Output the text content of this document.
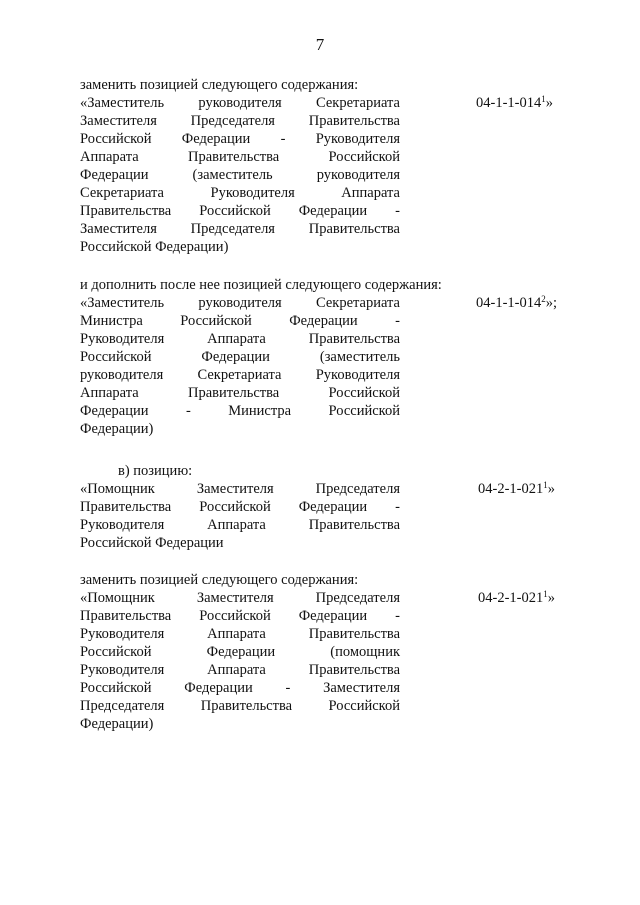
7
заменить позицией следующего содержания:
«Заместитель руководителя Секретариата
Заместителя Председателя Правительства
Российской Федерации - Руководителя
Аппарата Правительства Российской
Федерации (заместитель руководителя
Секретариата Руководителя Аппарата
Правительства Российской Федерации -
Заместителя Председателя Правительства
Российской Федерации)
$04-1-1-014^1$»
и дополнить после нее позицией следующего содержания:
«Заместитель руководителя Секретариата
Министра Российской Федерации -
Руководителя Аппарата Правительства
Российской Федерации (заместитель
руководителя Секретариата Руководителя
Аппарата Правительства Российской
Федерации - Министра Российской
Федерации)
$04-1-1-014^2$»;
в) позицию:
«Помощник Заместителя Председателя
Правительства Российской Федерации -
Руководителя Аппарата Правительства
Российской Федерации
$04-2-1-021^1$»
заменить позицией следующего содержания:
«Помощник Заместителя Председателя
Правительства Российской Федерации -
Руководителя Аппарата Правительства
Российской Федерации (помощник
Руководителя Аппарата Правительства
Российской Федерации - Заместителя
Председателя Правительства Российской
Федерации)
$04-2-1-021^1$»
